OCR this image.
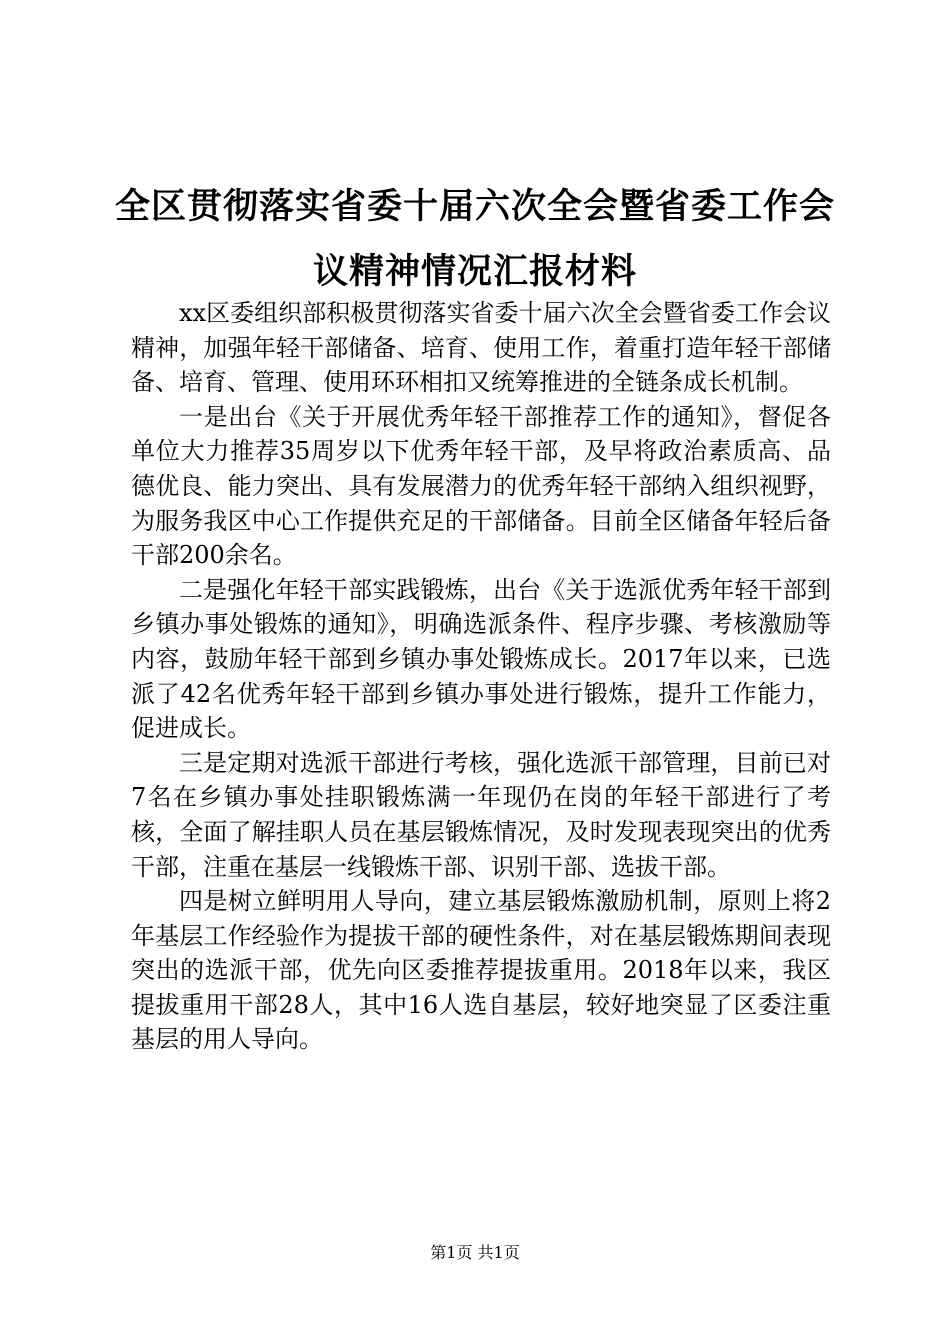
全区贯彻落实省委十届六次全会暨省委工作会
议精神情况汇报材料

xx区委组织部积极贯彻落实省委十届六次全会暨省委工作会议精神，加强年轻干部储备、培育、使用工作，着重打造年轻干部储备、培育、管理、使用环环相扣又统筹推进的全链条成长机制。

一是出台《关于开展优秀年轻干部推荐工作的通知》，督促各单位大力推荐35周岁以下优秀年轻干部，及早将政治素质高、品德优良、能力突出、具有发展潜力的优秀年轻干部纳入组织视野，为服务我区中心工作提供充足的干部储备。目前全区储备年轻后备干部200余名。

二是强化年轻干部实践锻炼，出台《关于选派优秀年轻干部到乡镇办事处锻炼的通知》，明确选派条件、程序步骤、考核激励等内容，鼓励年轻干部到乡镇办事处锻炼成长。2017年以来，已选派了42名优秀年轻干部到乡镇办事处进行锻炼，提升工作能力，促进成长。

三是定期对选派干部进行考核，强化选派干部管理，目前已对7名在乡镇办事处挂职锻炼满一年现仍在岗的年轻干部进行了考核，全面了解挂职人员在基层锻炼情况，及时发现表现突出的优秀干部，注重在基层一线锻炼干部、识别干部、选拔干部。

四是树立鲜明用人导向，建立基层锻炼激励机制，原则上将2年基层工作经验作为提拔干部的硬性条件，对在基层锻炼期间表现突出的选派干部，优先向区委推荐提拔重用。2018年以来，我区提拔重用干部28人，其中16人选自基层，较好地突显了区委注重基层的用人导向。

第1页 共1页
